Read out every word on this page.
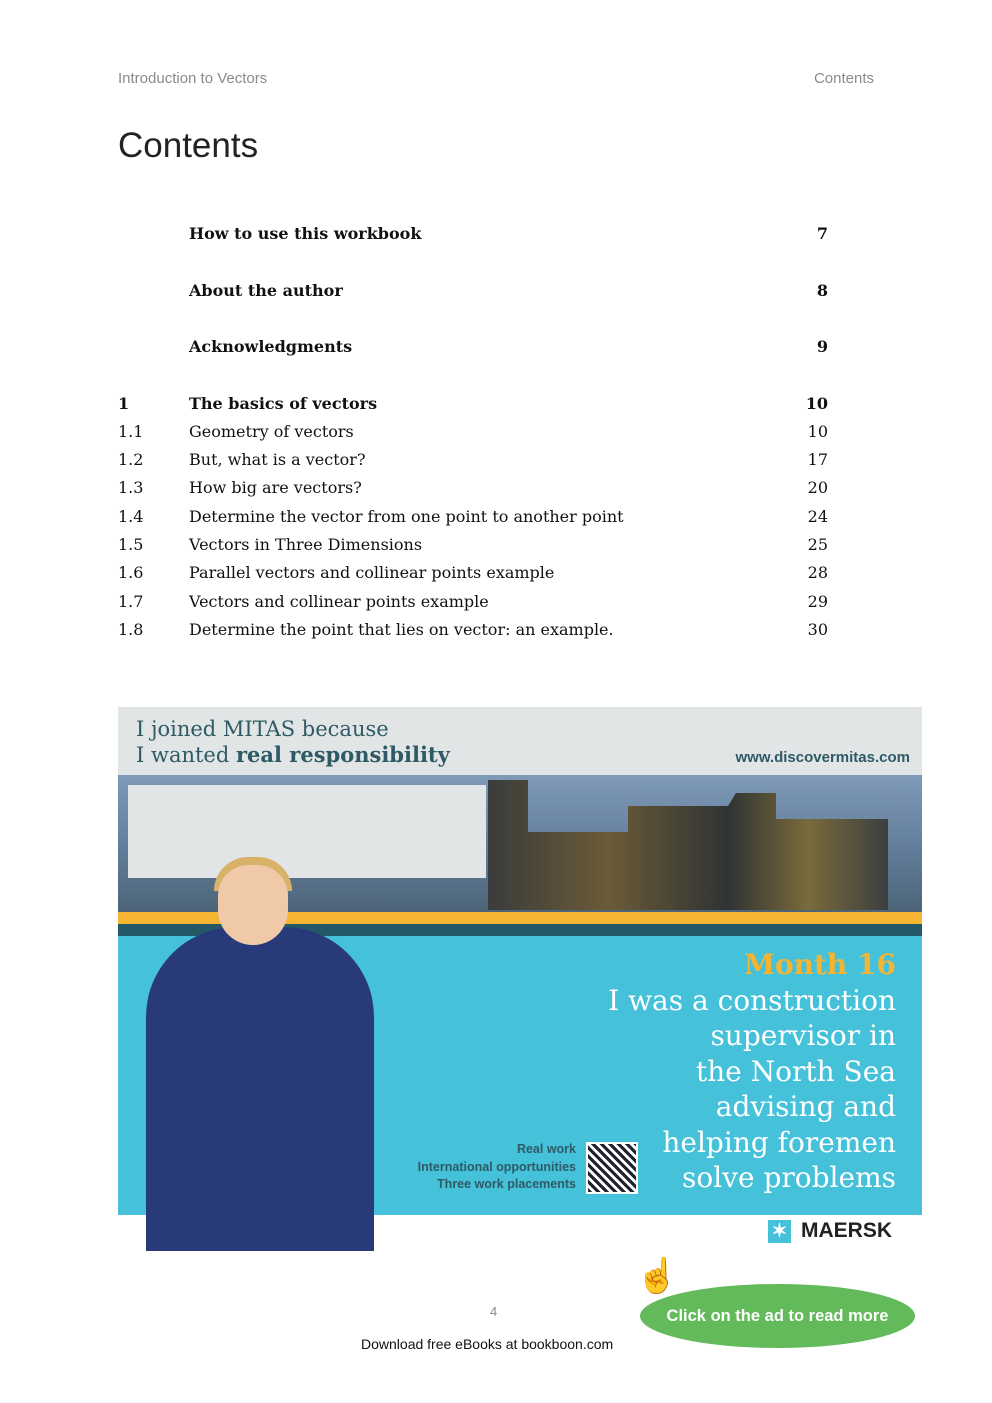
Introduction to Vectors	Contents
Contents
How to use this workbook	7
About the author	8
Acknowledgments	9
1	The basics of vectors	10
1.1	Geometry of vectors	10
1.2	But, what is a vector?	17
1.3	How big are vectors?	20
1.4	Determine the vector from one point to another point	24
1.5	Vectors in Three Dimensions	25
1.6	Parallel vectors and collinear points example	28
1.7	Vectors and collinear points example	29
1.8	Determine the point that lies on vector: an example.	30
I joined MITAS because
I wanted real responsibility	www.discovermitas.com
Month 16
I was a construction
supervisor in
the North Sea
advising and
helping foremen
solve problems
Real work
International opportunities
Three work placements
✶ MAERSK
☝
Click on the ad to read more
4
Download free eBooks at bookboon.com
